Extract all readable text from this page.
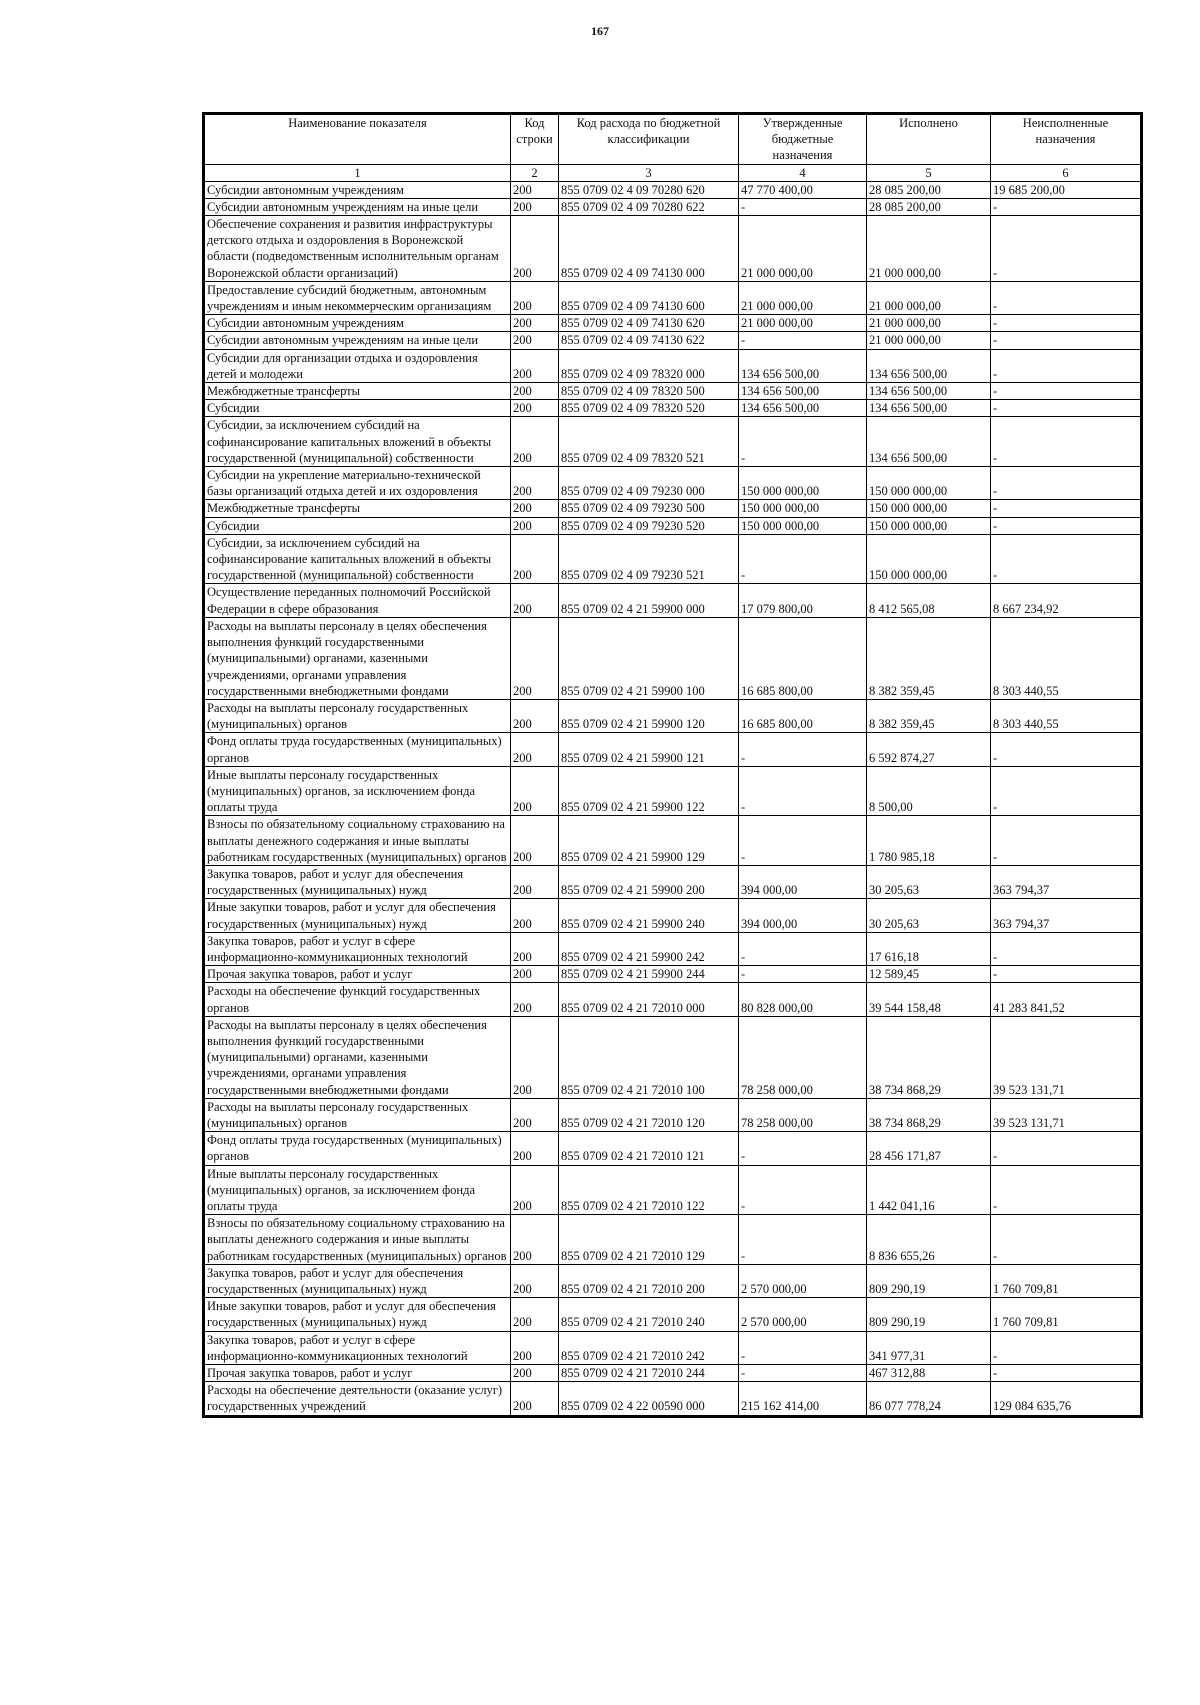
167
Наименование показателя	Код строки	Код расхода по бюджетной классификации	Утвержденные бюджетные назначения	Исполнено	Неисполненные назначения
1	2	3	4	5	6
Субсидии автономным учреждениям	200	855 0709 02 4 09 70280 620	47 770 400,00	28 085 200,00	19 685 200,00
Субсидии автономным учреждениям на иные цели	200	855 0709 02 4 09 70280 622	-	28 085 200,00	-
Обеспечение сохранения и развития инфраструктуры детского отдыха и оздоровления в Воронежской области (подведомственным исполнительным органам Воронежской области организаций)	200	855 0709 02 4 09 74130 000	21 000 000,00	21 000 000,00	-
Предоставление субсидий бюджетным, автономным учреждениям и иным некоммерческим организациям	200	855 0709 02 4 09 74130 600	21 000 000,00	21 000 000,00	-
Субсидии автономным учреждениям	200	855 0709 02 4 09 74130 620	21 000 000,00	21 000 000,00	-
Субсидии автономным учреждениям на иные цели	200	855 0709 02 4 09 74130 622	-	21 000 000,00	-
Субсидии для организации отдыха и оздоровления детей и молодежи	200	855 0709 02 4 09 78320 000	134 656 500,00	134 656 500,00	-
Межбюджетные трансферты	200	855 0709 02 4 09 78320 500	134 656 500,00	134 656 500,00	-
Субсидии	200	855 0709 02 4 09 78320 520	134 656 500,00	134 656 500,00	-
Субсидии, за исключением субсидий на софинансирование капитальных вложений в объекты государственной (муниципальной) собственности	200	855 0709 02 4 09 78320 521	-	134 656 500,00	-
Субсидии на укрепление материально-технической базы организаций отдыха детей и их оздоровления	200	855 0709 02 4 09 79230 000	150 000 000,00	150 000 000,00	-
Межбюджетные трансферты	200	855 0709 02 4 09 79230 500	150 000 000,00	150 000 000,00	-
Субсидии	200	855 0709 02 4 09 79230 520	150 000 000,00	150 000 000,00	-
Субсидии, за исключением субсидий на софинансирование капитальных вложений в объекты государственной (муниципальной) собственности	200	855 0709 02 4 09 79230 521	-	150 000 000,00	-
Осуществление переданных полномочий Российской Федерации в сфере образования	200	855 0709 02 4 21 59900 000	17 079 800,00	8 412 565,08	8 667 234,92
Расходы на выплаты персоналу в целях обеспечения выполнения функций государственными (муниципальными) органами, казенными учреждениями, органами управления государственными внебюджетными фондами	200	855 0709 02 4 21 59900 100	16 685 800,00	8 382 359,45	8 303 440,55
Расходы на выплаты персоналу государственных (муниципальных) органов	200	855 0709 02 4 21 59900 120	16 685 800,00	8 382 359,45	8 303 440,55
Фонд оплаты труда государственных (муниципальных) органов	200	855 0709 02 4 21 59900 121	-	6 592 874,27	-
Иные выплаты персоналу государственных (муниципальных) органов, за исключением фонда оплаты труда	200	855 0709 02 4 21 59900 122	-	8 500,00	-
Взносы по обязательному социальному страхованию на выплаты денежного содержания и иные выплаты работникам государственных (муниципальных) органов	200	855 0709 02 4 21 59900 129	-	1 780 985,18	-
Закупка товаров, работ и услуг для обеспечения государственных (муниципальных) нужд	200	855 0709 02 4 21 59900 200	394 000,00	30 205,63	363 794,37
Иные закупки товаров, работ и услуг для обеспечения государственных (муниципальных) нужд	200	855 0709 02 4 21 59900 240	394 000,00	30 205,63	363 794,37
Закупка товаров, работ и услуг в сфере информационно-коммуникационных технологий	200	855 0709 02 4 21 59900 242	-	17 616,18	-
Прочая закупка товаров, работ и услуг	200	855 0709 02 4 21 59900 244	-	12 589,45	-
Расходы на обеспечение функций государственных органов	200	855 0709 02 4 21 72010 000	80 828 000,00	39 544 158,48	41 283 841,52
Расходы на выплаты персоналу в целях обеспечения выполнения функций государственными (муниципальными) органами, казенными учреждениями, органами управления государственными внебюджетными фондами	200	855 0709 02 4 21 72010 100	78 258 000,00	38 734 868,29	39 523 131,71
Расходы на выплаты персоналу государственных (муниципальных) органов	200	855 0709 02 4 21 72010 120	78 258 000,00	38 734 868,29	39 523 131,71
Фонд оплаты труда государственных (муниципальных) органов	200	855 0709 02 4 21 72010 121	-	28 456 171,87	-
Иные выплаты персоналу государственных (муниципальных) органов, за исключением фонда оплаты труда	200	855 0709 02 4 21 72010 122	-	1 442 041,16	-
Взносы по обязательному социальному страхованию на выплаты денежного содержания и иные выплаты работникам государственных (муниципальных) органов	200	855 0709 02 4 21 72010 129	-	8 836 655,26	-
Закупка товаров, работ и услуг для обеспечения государственных (муниципальных) нужд	200	855 0709 02 4 21 72010 200	2 570 000,00	809 290,19	1 760 709,81
Иные закупки товаров, работ и услуг для обеспечения государственных (муниципальных) нужд	200	855 0709 02 4 21 72010 240	2 570 000,00	809 290,19	1 760 709,81
Закупка товаров, работ и услуг в сфере информационно-коммуникационных технологий	200	855 0709 02 4 21 72010 242	-	341 977,31	-
Прочая закупка товаров, работ и услуг	200	855 0709 02 4 21 72010 244	-	467 312,88	-
Расходы на обеспечение деятельности (оказание услуг) государственных учреждений	200	855 0709 02 4 22 00590 000	215 162 414,00	86 077 778,24	129 084 635,76
